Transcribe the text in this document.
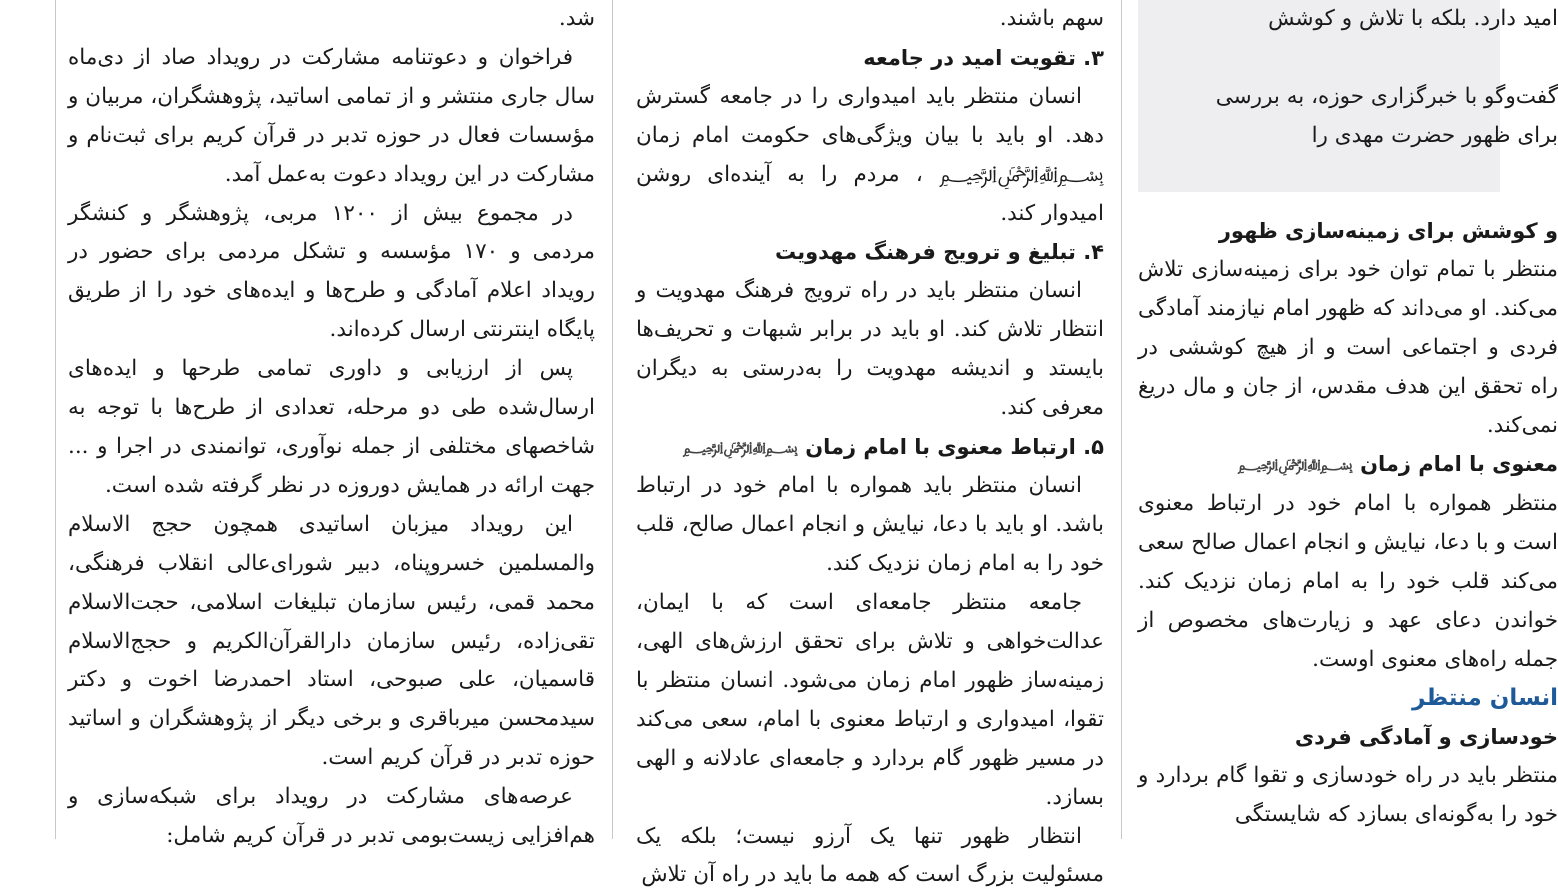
شد.

فراخوان و دعوتنامه مشارکت در رویداد صاد از دی‌ماه سال جاری منتشر و از تمامی اساتید، پژوهشگران، مربیان و مؤسسات فعال در حوزه تدبر در قرآن کریم برای ثبت‌نام و مشارکت در این رویداد دعوت به‌عمل آمد.

در مجموع بیش از ۱۲۰۰ مربی، پژوهشگر و کنشگر مردمی و ۱۷۰ مؤسسه و تشکل مردمی برای حضور در رویداد اعلام آمادگی و طرح‌ها و ایده‌های خود را از طریق پایگاه اینترنتی ارسال کرده‌اند.

پس از ارزیابی و داوری تمامی طرحها و ایده‌های ارسال‌شده طی دو مرحله، تعدادی از طرح‌ها با توجه به شاخصهای مختلفی از جمله نوآوری، توانمندی در اجرا و ... جهت ارائه در همایش دوروزه در نظر گرفته شده است.

این رویداد میزبان اساتیدی همچون حجج الاسلام والمسلمین خسروپناه، دبیر شورای‌عالی انقلاب فرهنگی، محمد قمی، رئیس سازمان تبلیغات اسلامی، حجت‌الاسلام تقی‌زاده، رئیس سازمان دارالقرآن‌الکریم و حجج‌الاسلام قاسمیان، علی صبوحی، استاد احمدرضا اخوت و دکتر سیدمحسن میرباقری و برخی دیگر از پژوهشگران و اساتید حوزه تدبر در قرآن کریم است.

عرصه‌های مشارکت در رویداد برای شبکه‌سازی و هم‌افزایی زیست‌بومی تدبر در قرآن کریم شامل:

سهم باشند.

۳. تقویت امید در جامعه

انسان منتظر باید امیدواری را در جامعه گسترش دهد. او باید با بیان ویژگی‌های حکومت امام زمان ﷽ ، مردم را به آینده‌ای روشن امیدوار کند.

۴. تبلیغ و ترویج فرهنگ مهدویت

انسان منتظر باید در راه ترویج فرهنگ مهدویت و انتظار تلاش کند. او باید در برابر شبهات و تحریف‌ها بایستد و اندیشه مهدویت را به‌درستی به دیگران معرفی کند.

۵. ارتباط معنوی با امام زمان ﷽

انسان منتظر باید همواره با امام خود در ارتباط باشد. او باید با دعا، نیایش و انجام اعمال صالح، قلب خود را به امام زمان نزدیک کند.

جامعه منتظر جامعه‌ای است که با ایمان، عدالت‌خواهی و تلاش برای تحقق ارزش‌های الهی، زمینه‌ساز ظهور امام زمان می‌شود. انسان منتظر با تقوا، امیدواری و ارتباط معنوی با امام، سعی می‌کند در مسیر ظهور گام بردارد و جامعه‌ای عادلانه و الهی بسازد.

انتظار ظهور تنها یک آرزو نیست؛ بلکه یک مسئولیت بزرگ است که همه ما باید در راه آن تلاش

امید دارد. بلکه با تلاش و کوشش

گفت‌وگو با خبرگزاری حوزه، به بررسی

برای ظهور حضرت مهدی را

و کوشش برای زمینه‌سازی ظهور

منتظر با تمام توان خود برای زمینه‌سازی تلاش می‌کند. او می‌داند که ظهور امام نیازمند آمادگی فردی و اجتماعی است و از هیچ کوششی در راه تحقق این هدف مقدس، از جان و مال دریغ نمی‌کند.

معنوی با امام زمان ﷽

منتظر همواره با امام خود در ارتباط معنوی است و با دعا، نیایش و انجام اعمال صالح سعی می‌کند قلب خود را به امام زمان نزدیک کند. خواندن دعای عهد و زیارت‌های مخصوص از جمله راه‌های معنوی اوست.

انسان منتظر

خودسازی و آمادگی فردی

منتظر باید در راه خودسازی و تقوا گام بردارد و خود را به‌گونه‌ای بسازد که شایستگی
